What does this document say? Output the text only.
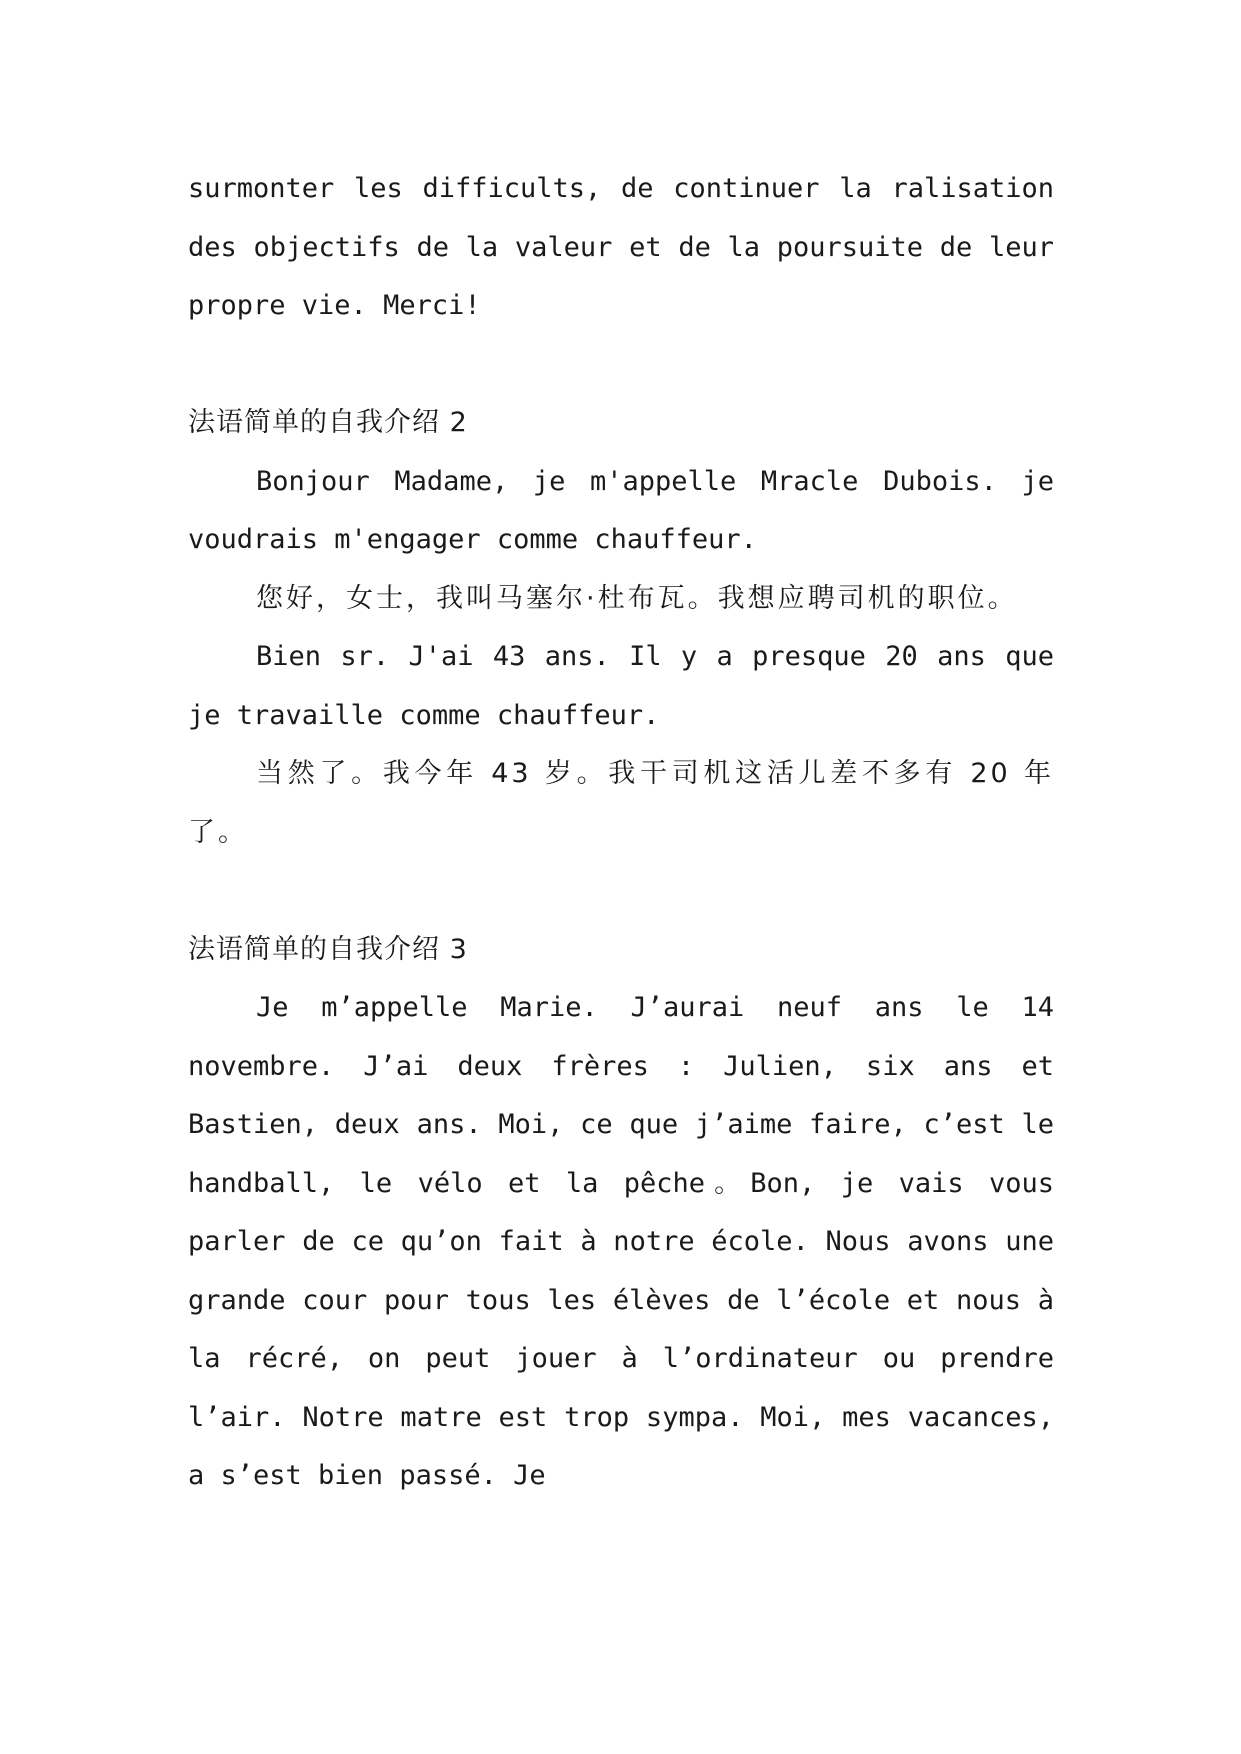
surmonter les difficults, de continuer la ralisation des objectifs de la valeur et de la poursuite de leur propre vie. Merci!

法语简单的自我介绍 2

Bonjour Madame, je m'appelle Mracle Dubois. je voudrais m'engager comme chauffeur.

您好，女士，我叫马塞尔·杜布瓦。我想应聘司机的职位。

Bien sr. J'ai 43 ans. Il y a presque 20 ans que je travaille comme chauffeur.

当然了。我今年 43 岁。我干司机这活儿差不多有 20 年了。

法语简单的自我介绍 3

Je m’appelle Marie. J’aurai neuf ans le 14 novembre. J’ai deux frères : Julien, six ans et Bastien, deux ans. Moi, ce que j’aime faire, c’est le handball, le vélo et la pêche。Bon, je vais vous parler de ce qu’on fait à notre école. Nous avons une grande cour pour tous les élèves de l’école et nous à la récré, on peut jouer à l’ordinateur ou prendre l’air. Notre matre est trop sympa. Moi, mes vacances, a s’est bien passé. Je
